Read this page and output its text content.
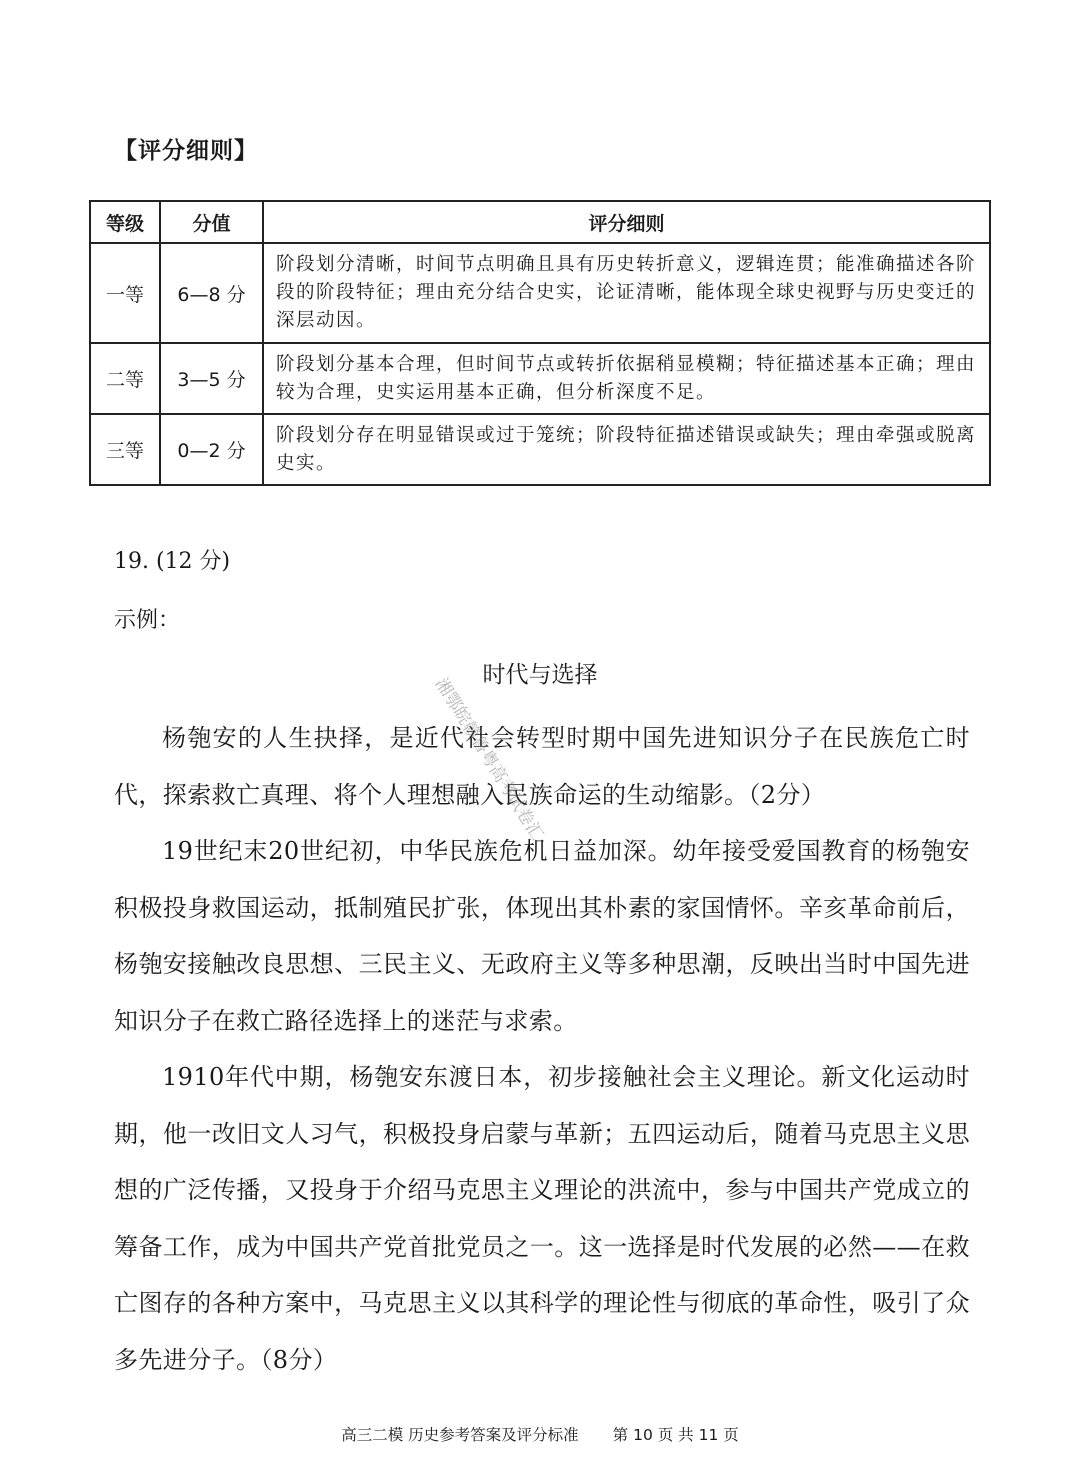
【评分细则】
等级	分值	评分细则
一等	6—8 分	阶段划分清晰，时间节点明确且具有历史转折意义，逻辑连贯；能准确描述各阶段的阶段特征；理由充分结合史实，论证清晰，能体现全球史视野与历史变迁的深层动因。
二等	3—5 分	阶段划分基本合理，但时间节点或转折依据稍显模糊；特征描述基本正确；理由较为合理，史实运用基本正确，但分析深度不足。
三等	0—2 分	阶段划分存在明显错误或过于笼统；阶段特征描述错误或缺失；理由牵强或脱离史实。
19. (12 分)
示例：
时代与选择

杨匏安的人生抉择，是近代社会转型时期中国先进知识分子在民族危亡时代，探索救亡真理、将个人理想融入民族命运的生动缩影。（2分）

19世纪末20世纪初，中华民族危机日益加深。幼年接受爱国教育的杨匏安积极投身救国运动，抵制殖民扩张，体现出其朴素的家国情怀。辛亥革命前后，杨匏安接触改良思想、三民主义、无政府主义等多种思潮，反映出当时中国先进知识分子在救亡路径选择上的迷茫与求索。

1910年代中期，杨匏安东渡日本，初步接触社会主义理论。新文化运动时期，他一改旧文人习气，积极投身启蒙与革新；五四运动后，随着马克思主义思想的广泛传播，又投身于介绍马克思主义理论的洪流中，参与中国共产党成立的筹备工作，成为中国共产党首批党员之一。这一选择是时代发展的必然——在救亡图存的各种方案中，马克思主义以其科学的理论性与彻底的革命性，吸引了众多先进分子。（8分）

湘鄂皖赣鲁粤高考试卷汇
高三二模 历史参考答案及评分标准 第 10 页 共 11 页
